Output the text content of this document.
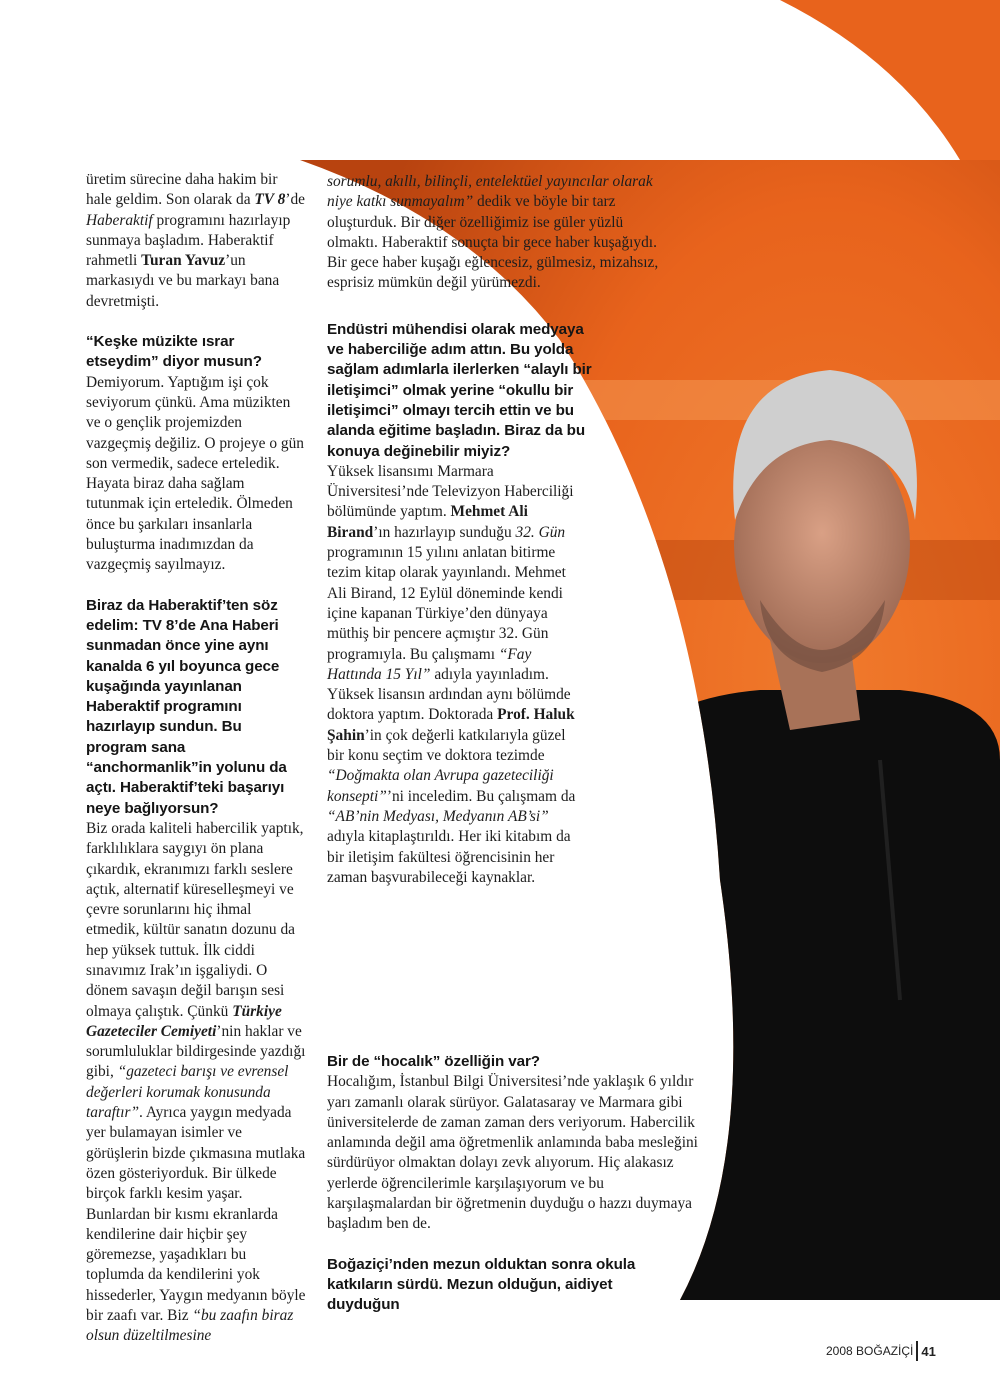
üretim sürecine daha hakim bir hale geldim. Son olarak da TV 8’de Haberaktif programını hazırlayıp sunmaya başladım. Haberaktif rahmetli Turan Yavuz’un markasıydı ve bu markayı bana devretmişti.

“Keşke müzikte ısrar etseydim” diyor musun?

Demiyorum. Yaptığım işi çok seviyorum çünkü. Ama müzikten ve o gençlik projemizden vazgeçmiş değiliz. O projeye o gün son vermedik, sadece erteledik. Hayata biraz daha sağlam tutunmak için erteledik. Ölmeden önce bu şarkıları insanlarla buluşturma inadımızdan da vazgeçmiş sayılmayız.

Biraz da Haberaktif’ten söz edelim: TV 8’de Ana Haberi sunmadan önce yine aynı kanalda 6 yıl boyunca gece kuşağında yayınlanan Haberaktif programını hazırlayıp sundun. Bu program sana “anchormanlik”in yolunu da açtı. Haberaktif’teki başarıyı neye bağlıyorsun?

Biz orada kaliteli habercilik yaptık, farklılıklara saygıyı ön plana çıkardık, ekranımızı farklı seslere açtık, alternatif küreselleşmeyi ve çevre sorunlarını hiç ihmal etmedik, kültür sanatın dozunu da hep yüksek tuttuk. İlk ciddi sınavımız Irak’ın işgaliydi. O dönem savaşın değil barışın sesi olmaya çalıştık. Çünkü Türkiye Gazeteciler Cemiyeti’nin haklar ve sorumluluklar bildirgesinde yazdığı gibi, “gazeteci barışı ve evrensel değerleri korumak konusunda taraftır”. Ayrıca yaygın medyada yer bulamayan isimler ve görüşlerin bizde çıkmasına mutlaka özen gösteriyorduk. Bir ülkede birçok farklı kesim yaşar. Bunlardan bir kısmı ekranlarda kendilerine dair hiçbir şey göremezse, yaşadıkları bu toplumda da kendilerini yok hissederler, Yaygın medyanın böyle bir zaafı var. Biz “bu zaafın biraz olsun düzeltilmesine

sorumlu, akıllı, bilinçli, entelektüel yayıncılar olarak niye katkı sunmayalım” dedik ve böyle bir tarz oluşturduk. Bir diğer özelliğimiz ise güler yüzlü olmaktı. Haberaktif sonuçta bir gece haber kuşağıydı. Bir gece haber kuşağı eğlencesiz, gülmesiz, mizahsız, esprisiz mümkün değil yürümezdi.

Endüstri mühendisi olarak medyaya ve haberciliğe adım attın. Bu yolda sağlam adımlarla ilerlerken “alaylı bir iletişimci” olmak yerine “okullu bir iletişimci” olmayı tercih ettin ve bu alanda eğitime başladın. Biraz da bu konuya değinebilir miyiz?

Yüksek lisansımı Marmara Üniversitesi’nde Televizyon Haberciliği bölümünde yaptım. Mehmet Ali Birand’ın hazırlayıp sunduğu 32. Gün programının 15 yılını anlatan bitirme tezim kitap olarak yayınlandı. Mehmet Ali Birand, 12 Eylül döneminde kendi içine kapanan Türkiye’den dünyaya müthiş bir pencere açmıştır 32. Gün programıyla. Bu çalışmamı “Fay Hattında 15 Yıl” adıyla yayınladım. Yüksek lisansın ardından aynı bölümde doktora yaptım. Doktorada Prof. Haluk Şahin’in çok değerli katkılarıyla güzel bir konu seçtim ve doktora tezimde “Doğmakta olan Avrupa gazeteciliği konsepti”’ni inceledim. Bu çalışmam da “AB’nin Medyası, Medyanın AB’si” adıyla kitaplaştırıldı. Her iki kitabım da bir iletişim fakültesi öğrencisinin her zaman başvurabileceği kaynaklar.

Bir de “hocalık” özelliğin var?

Hocalığım, İstanbul Bilgi Üniversitesi’nde yaklaşık 6 yıldır yarı zamanlı olarak sürüyor. Galatasaray ve Marmara gibi üniversitelerde de zaman zaman ders veriyorum. Habercilik anlamında değil ama öğretmenlik anlamında baba mesleğini sürdürüyor olmaktan dolayı zevk alıyorum. Hiç alakasız yerlerde öğrencilerimle karşılaşıyorum ve bu karşılaşmalardan bir öğretmenin duyduğu o hazzı duymaya başladım ben de.

Boğaziçi’nden mezun olduktan sonra okula katkıların sürdü. Mezun olduğun, aidiyet duyduğun

2008 BOĞAZİÇİ 41
